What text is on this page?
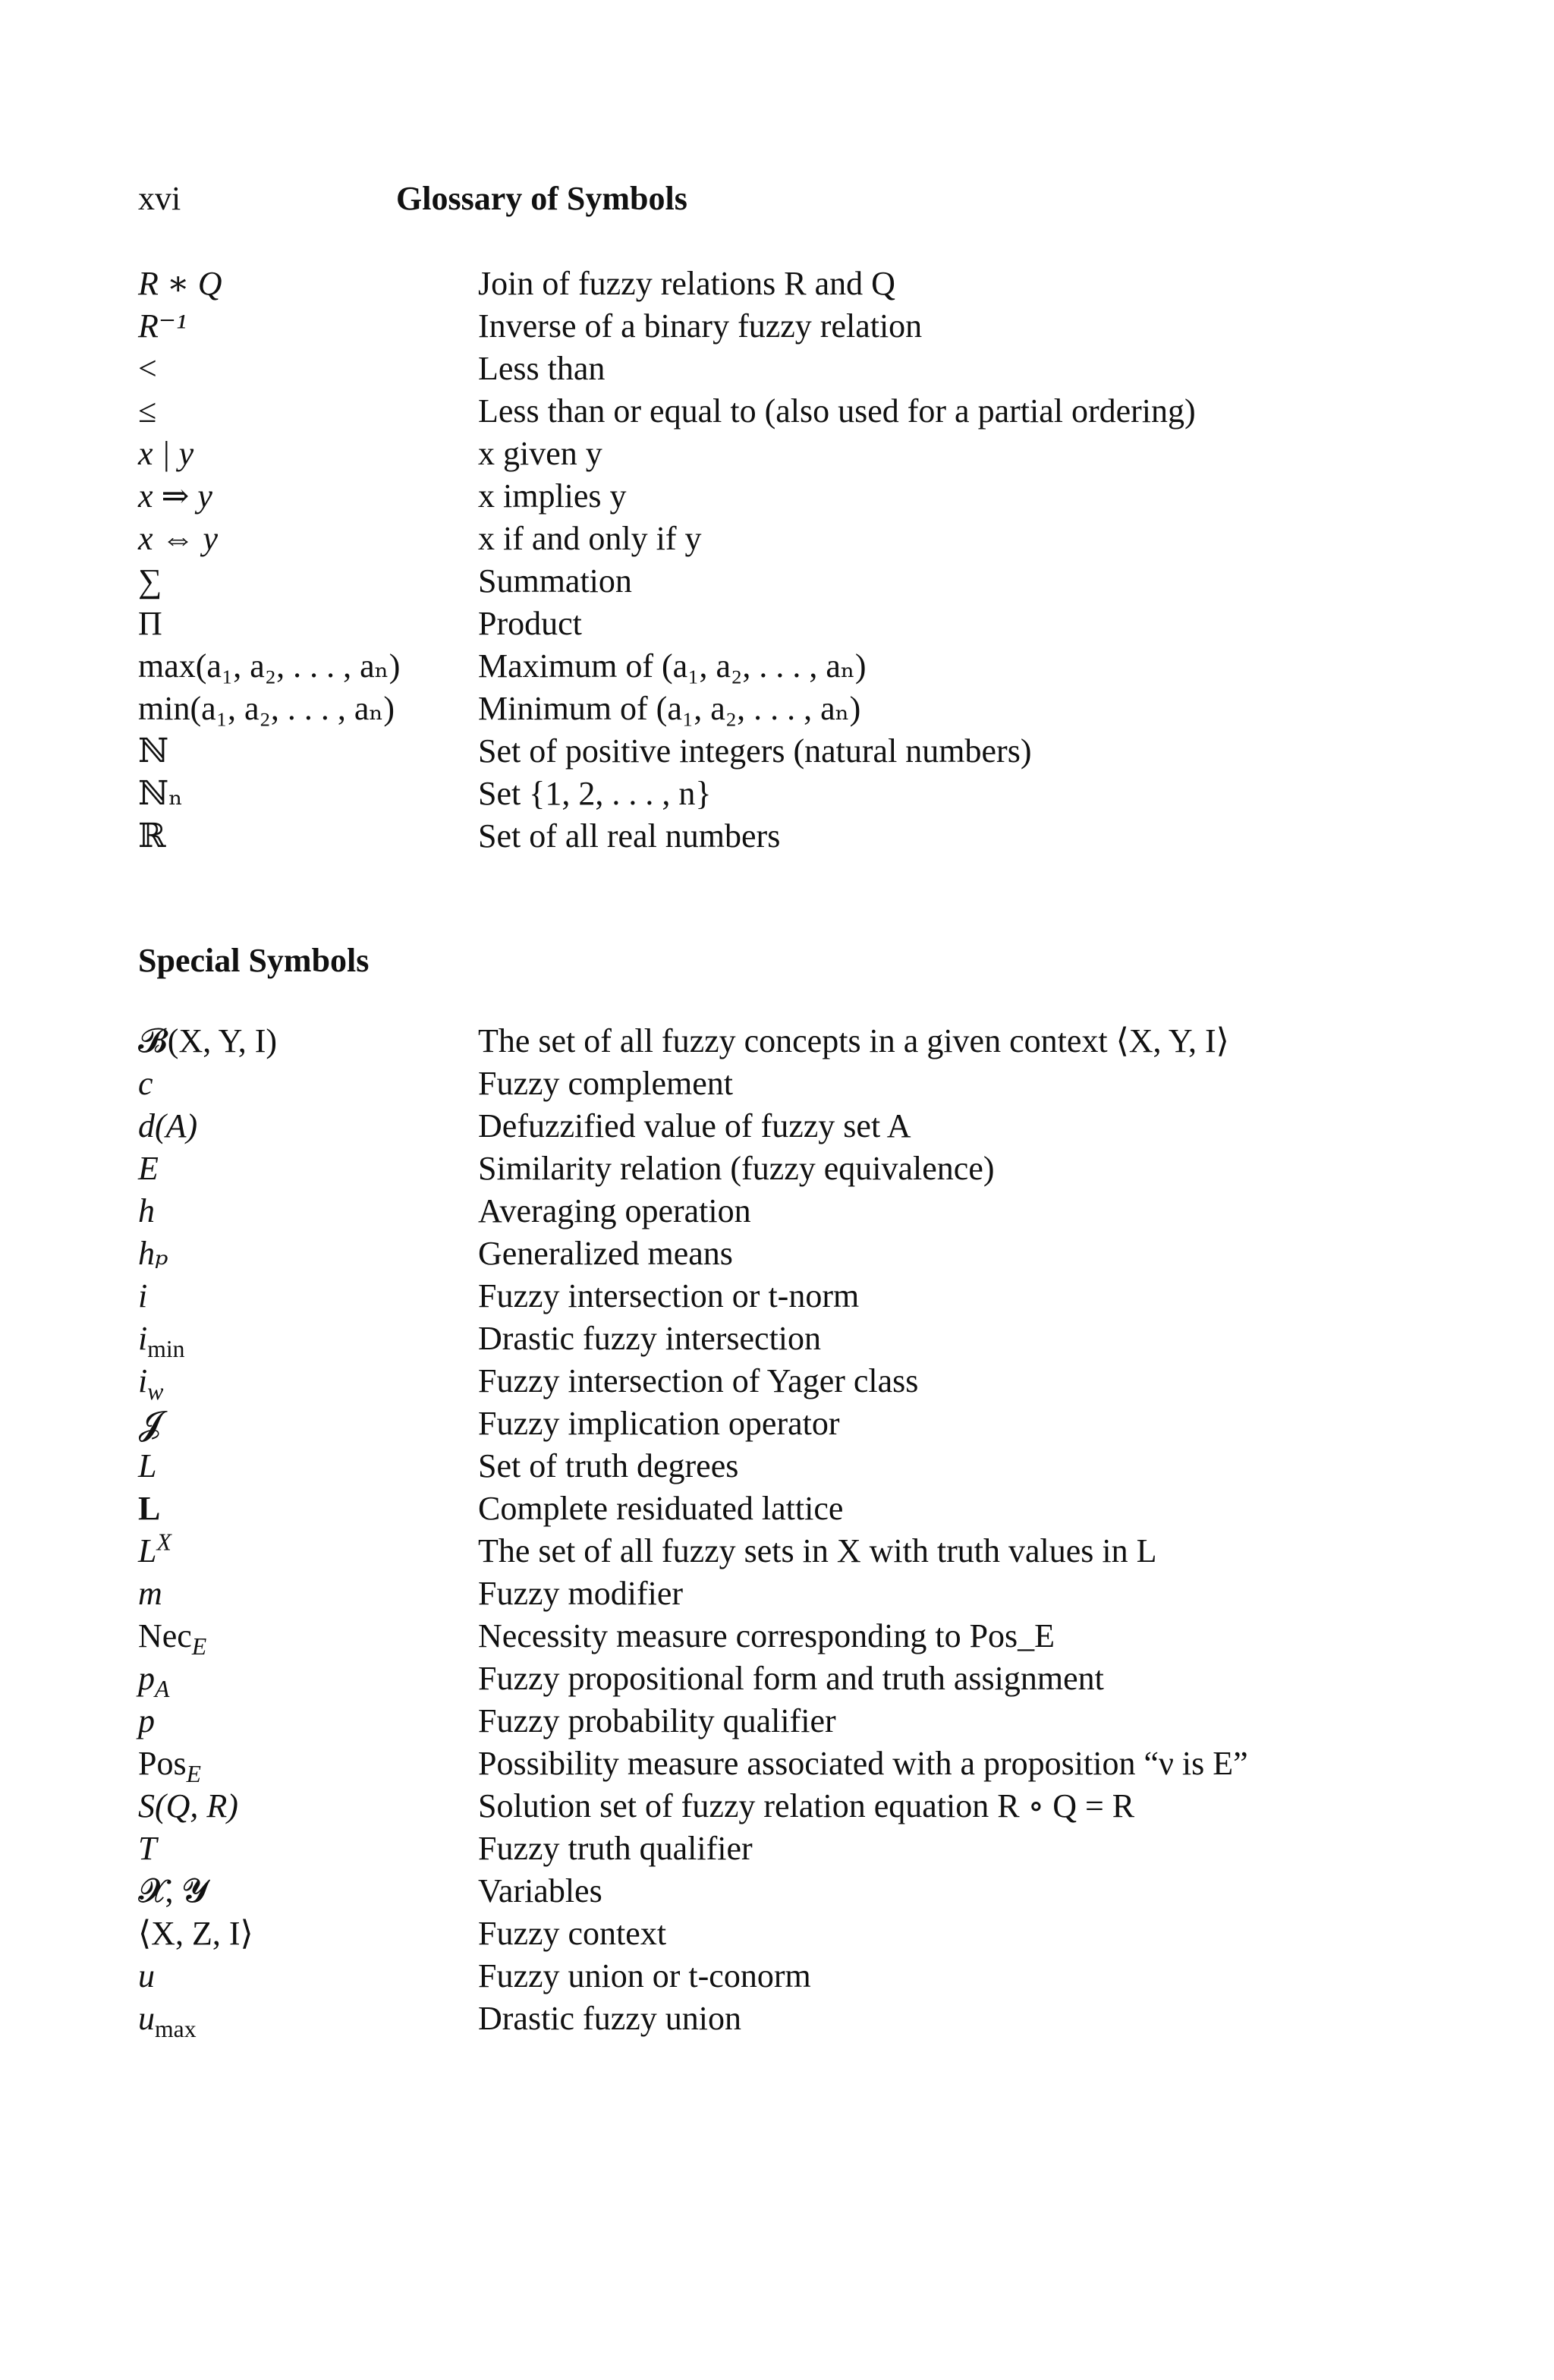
xvi	Glossary of Symbols
R ∗ Q	Join of fuzzy relations R and Q
R⁻¹	Inverse of a binary fuzzy relation
<	Less than
≤	Less than or equal to (also used for a partial ordering)
x | y	x given y
x ⇒ y	x implies y
x ⇔ y	x if and only if y
∑	Summation
Π	Product
max(a₁, a₂, . . . , aₙ)	Maximum of (a₁, a₂, . . . , aₙ)
min(a₁, a₂, . . . , aₙ)	Minimum of (a₁, a₂, . . . , aₙ)
ℕ	Set of positive integers (natural numbers)
ℕₙ	Set {1, 2, . . . , n}
ℝ	Set of all real numbers
Special Symbols
𝓑(X, Y, I)	The set of all fuzzy concepts in a given context ⟨X, Y, I⟩
c	Fuzzy complement
d(A)	Defuzzified value of fuzzy set A
E	Similarity relation (fuzzy equivalence)
h	Averaging operation
hₚ	Generalized means
i	Fuzzy intersection or t-norm
$i_{min}$	Drastic fuzzy intersection
$i_w$	Fuzzy intersection of Yager class
𝓙	Fuzzy implication operator
L	Set of truth degrees
L	Complete residuated lattice
$L^X$	The set of all fuzzy sets in X with truth values in L
m	Fuzzy modifier
Nec$_E$	Necessity measure corresponding to Pos_E
$p_A$	Fuzzy propositional form and truth assignment
p	Fuzzy probability qualifier
Pos$_E$	Possibility measure associated with a proposition “ν is E”
S(Q, R)	Solution set of fuzzy relation equation R ∘ Q = R
T	Fuzzy truth qualifier
𝓧, 𝓨	Variables
⟨X, Z, I⟩	Fuzzy context
u	Fuzzy union or t-conorm
$u_{max}$	Drastic fuzzy union
